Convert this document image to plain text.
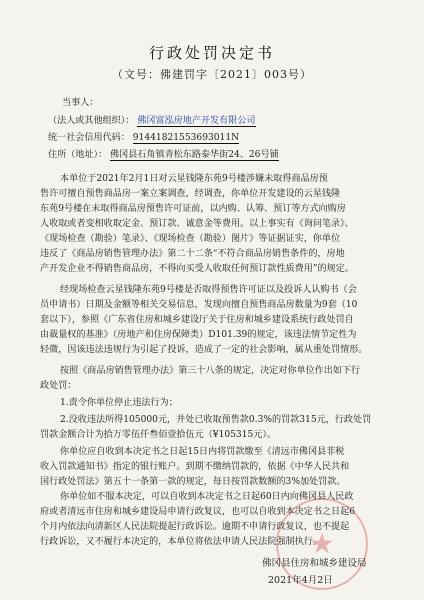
行政处罚决定书
（文号：佛建罚字〔2021〕003号）
当事人：
（法人或其他组织）： 佛冈富泓房地产开发有限公司
统一社会信用代码： 91441821553693011N
住所（地址）： 佛冈县石角镇青松东路泰华街24、26号铺
本单位于2021年2月1日对云星钱隆东苑9号楼涉嫌未取得商品房预
售许可擅自预售商品房一案立案调查，经调查，你单位开发建设的云星钱隆
东苑9号楼在未取得商品房预售许可证前，以内购、认筹、预订等方式向购房
人收取或者变相收取定金、预订款、诚意金等费用。以上事实有《询问笔录》、
《现场检查（勘验）笔录》、《现场检查（勘验）图片》等证据证实，你单位
违反了《商品房销售管理办法》第二十二条“不符合商品房销售条件的，房地
产开发企业不得销售商品房，不得向买受人收取任何预订款性质费用”的规定。
经现场检查云星钱隆东苑9号楼是否取得预售许可证以及投诉人认购书（会
员申请书）日期及金额等相关交易信息，发现向擅自预售商品房数量为9套（10
套以下），参照《广东省住房和城乡建设厅关于住房和城乡建设系统行政处罚自
由裁量权的基准》（房地产和住房保障类）D101.39的规定，该违法情节定性为
轻微，因该违法违规行为引起了投诉，造成了一定的社会影响，属从重处罚情形。
按照《商品房销售管理办法》第三十八条的规定，决定对你单位作出如下行
政处罚：
1.责令你单位停止违法行为；
2.没收违法所得105000元，并处已收取预售款0.3%的罚款315元，行政处罚
罚款金额合计为拾万零伍仟叁佰壹拾伍元（¥105315元）。
你单位应自收到本决定书之日起15日内将罚款缴至《清远市佛冈县非税
收入罚款通知书》指定的银行账户。到期不缴纳罚款的，依据《中华人民共和
国行政处罚法》第五十一条第一款的规定，每日按罚款数额的3%加处罚款。
你单位如不服本决定，可以自收到本决定书之日起60日内向佛冈县人民政
府或者清远市住房和城乡建设局申请行政复议，也可以自收到本决定书之日起6
个月内依法向清新区人民法院提起行政诉讼。逾期不申请行政复议，也不提起
行政诉讼，又不履行本决定的，本单位将依法申请人民法院强制执行。
★
佛冈县住房和城乡建设局
2021年4月2日
